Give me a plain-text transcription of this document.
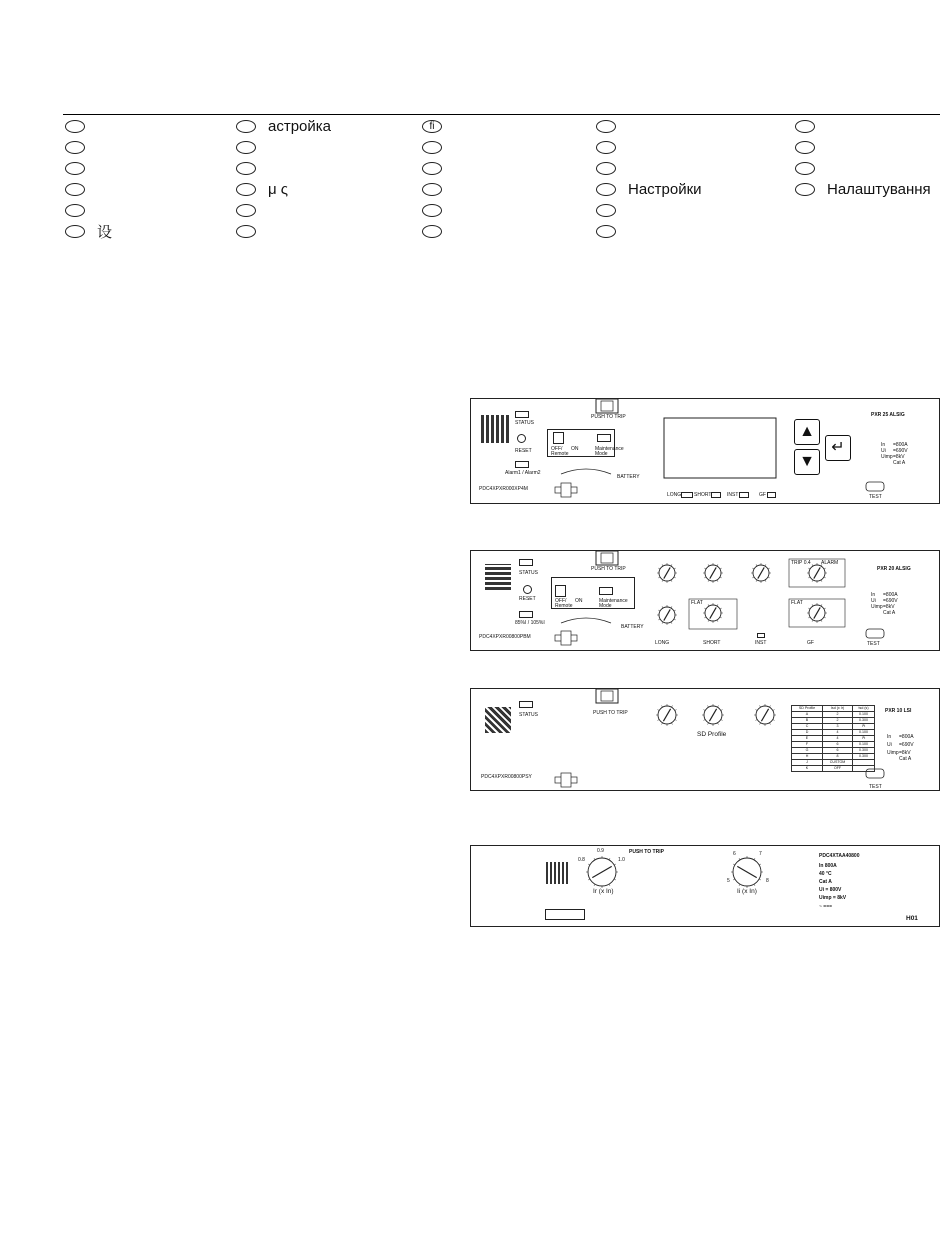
设
астройка
μ ς
fi
Настройки	Налаштування
STATUS
RESET	OFF/ Remote
ON	Maintenance Mode
Alarm1 / Alarm2
BATTERY
PUSH TO TRIP
PDC4XPXR000XP4M
LONG	SHORT	INST	GF
▲
▼
↵
TEST
PXR 25 ALSIG
In =800A
Ui =690V
Uimp =8kV
Cat A
STATUS
RESET	OFF/ Remote
ON	Maintenance Mode
85%I / 105%I
BATTERY
PUSH TO TRIP
PDC4XPXR00800PBM
LONG	SHORT	INST	GF
TRIP 0.4 ALARM
FLAT
FLAT
TEST
PXR 20 ALSIG
In =800A
Ui =690V
Uimp =8kV
Cat A
STATUS	PUSH TO TRIP
PDC4XPXR00800PSY
SD Profile
TEST
PXR 10 LSI
In =800A
Ui =690V
Uimp =8kV
Cat A
SD Profile	Isd (x Ir)	tsd (s)
A	2	0.100
B	2	0.300
C	3	I²t
D	4	0.100
E	4	I²t
F	6	0.100
G	6	0.300
H	8	0.300
J	CUSTOM	
K	OFF	
PUSH TO TRIP
0.8
0.9
1.0
Ir (x In)
5
6	7
8
Ii (x In)
PDC4XTAA40800
In 800A
40 °C
Cat A
Ui = 800V
Uimp = 8kV
~ ===
H01
